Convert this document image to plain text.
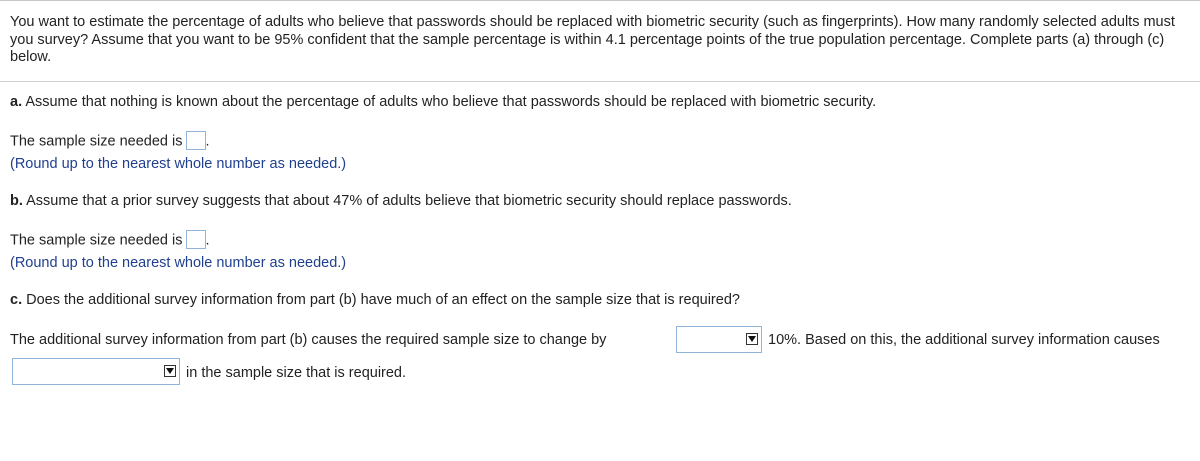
You want to estimate the percentage of adults who believe that passwords should be replaced with biometric security (such as fingerprints). How many randomly selected adults must you survey? Assume that you want to be 95% confident that the sample percentage is within 4.1 percentage points of the true population percentage. Complete parts (a) through (c) below.
a. Assume that nothing is known about the percentage of adults who believe that passwords should be replaced with biometric security.
The sample size needed is .
(Round up to the nearest whole number as needed.)
b. Assume that a prior survey suggests that about 47% of adults believe that biometric security should replace passwords.
The sample size needed is .
(Round up to the nearest whole number as needed.)
c. Does the additional survey information from part (b) have much of an effect on the sample size that is required?
The additional survey information from part (b) causes the required sample size to change by	10%. Based on this, the additional survey information causes
in the sample size that is required.
